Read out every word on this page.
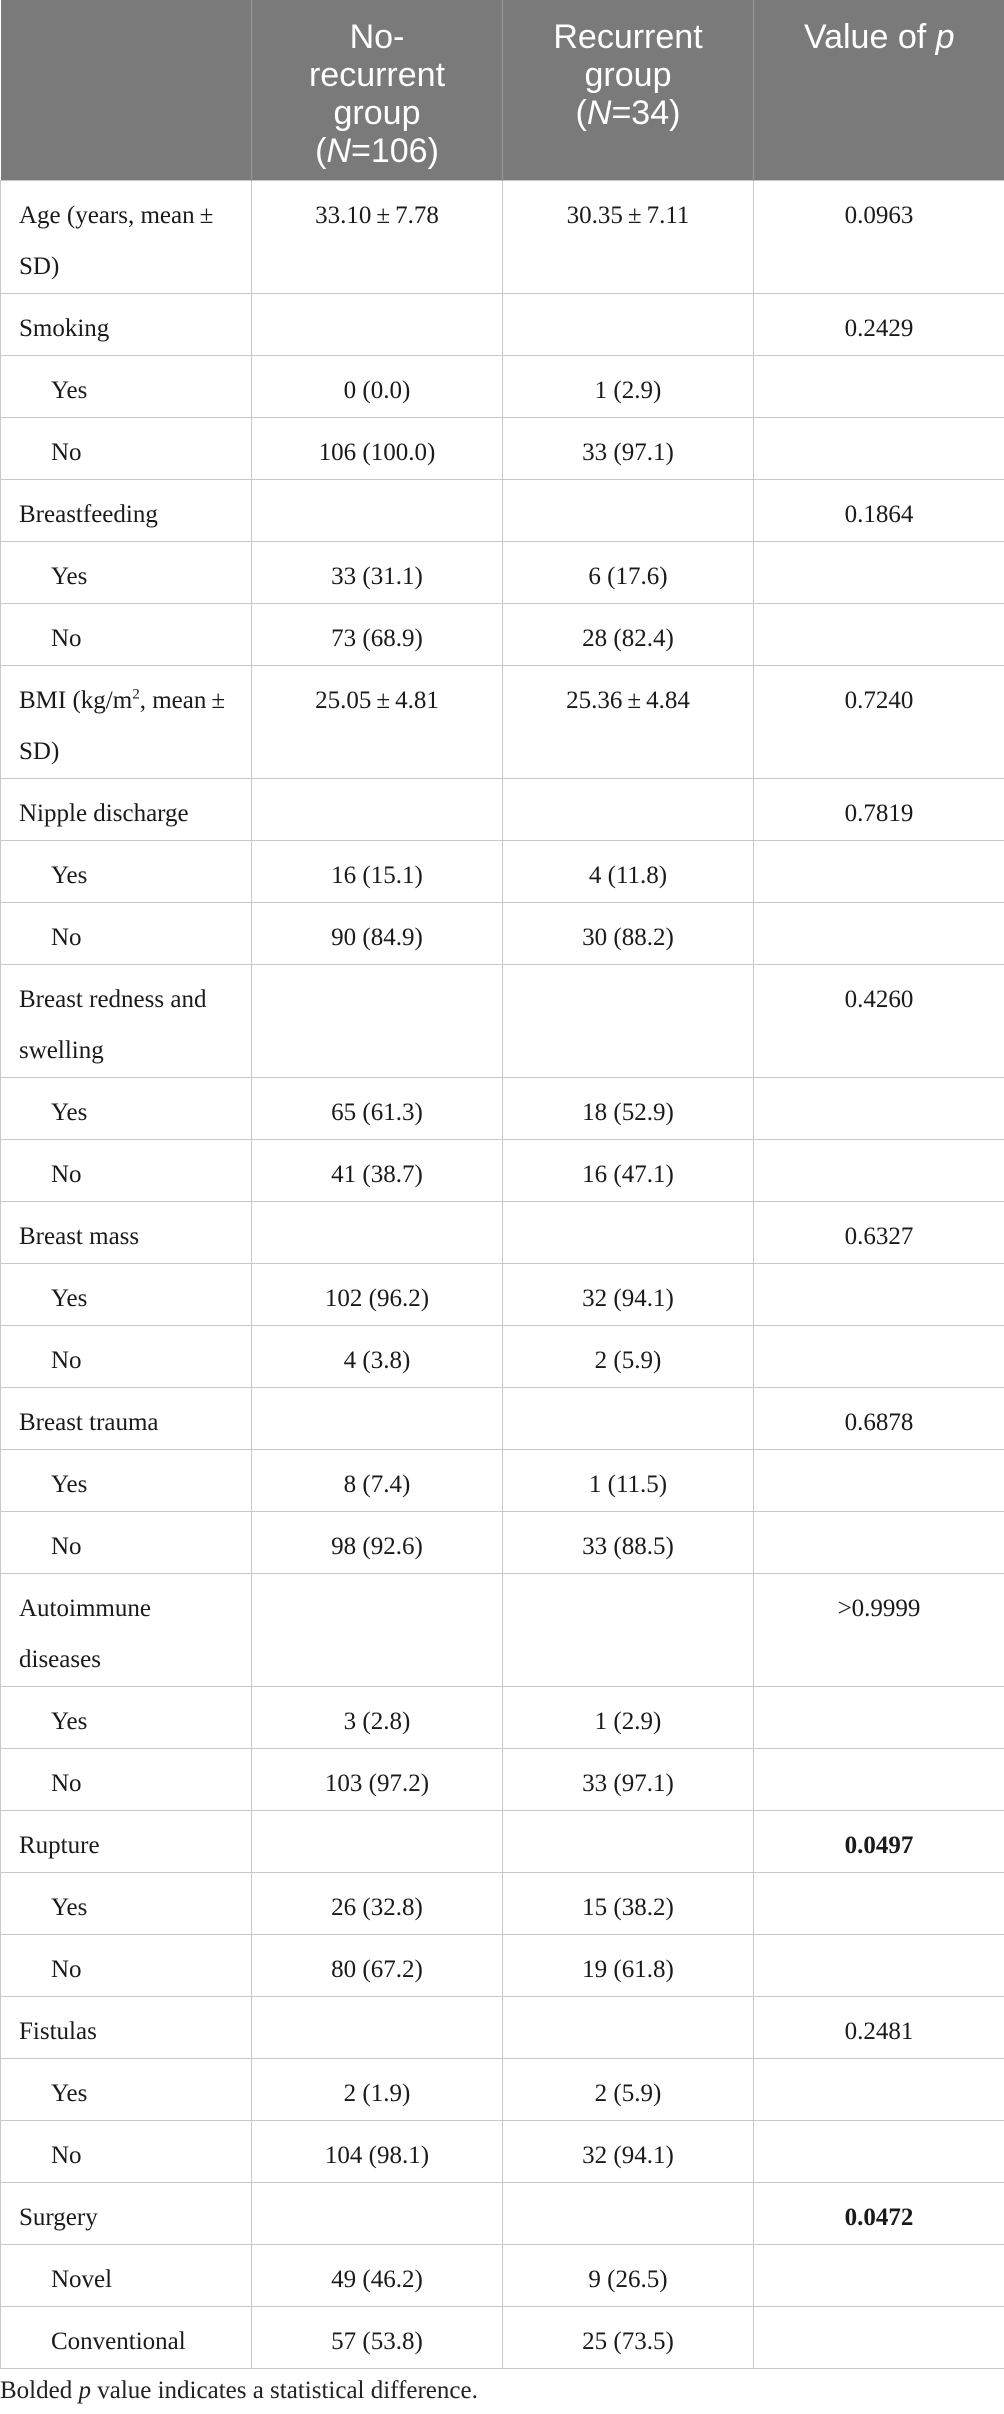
	No-
recurrent
group
(N=106)	Recurrent
group
(N=34)	Value of p
Age (years, mean ± SD)	33.10 ± 7.78	30.35 ± 7.11	0.0963
Smoking			0.2429
Yes	0 (0.0)	1 (2.9)	
No	106 (100.0)	33 (97.1)	
Breastfeeding			0.1864
Yes	33 (31.1)	6 (17.6)	
No	73 (68.9)	28 (82.4)	
BMI ($kg/m^2$, mean ± SD)	25.05 ± 4.81	25.36 ± 4.84	0.7240
Nipple discharge			0.7819
Yes	16 (15.1)	4 (11.8)	
No	90 (84.9)	30 (88.2)	
Breast redness and swelling			0.4260
Yes	65 (61.3)	18 (52.9)	
No	41 (38.7)	16 (47.1)	
Breast mass			0.6327
Yes	102 (96.2)	32 (94.1)	
No	4 (3.8)	2 (5.9)	
Breast trauma			0.6878
Yes	8 (7.4)	1 (11.5)	
No	98 (92.6)	33 (88.5)	
Autoimmune diseases			>0.9999
Yes	3 (2.8)	1 (2.9)	
No	103 (97.2)	33 (97.1)	
Rupture			0.0497
Yes	26 (32.8)	15 (38.2)	
No	80 (67.2)	19 (61.8)	
Fistulas			0.2481
Yes	2 (1.9)	2 (5.9)	
No	104 (98.1)	32 (94.1)	
Surgery			0.0472
Novel	49 (46.2)	9 (26.5)	
Conventional	57 (53.8)	25 (73.5)	
Bolded p value indicates a statistical difference.
